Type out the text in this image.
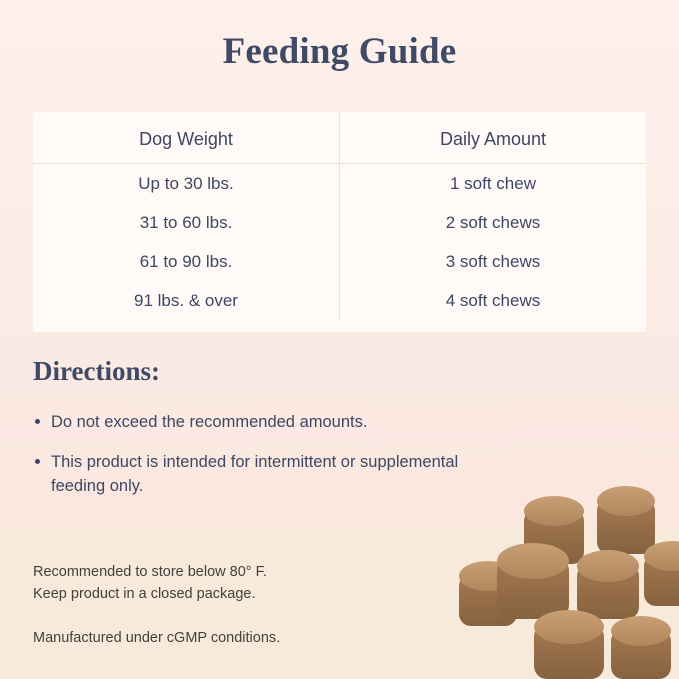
Feeding Guide
Dog Weight	Daily Amount
Up to 30 lbs.	1 soft chew
31 to 60 lbs.	2 soft chews
61 to 90 lbs.	3 soft chews
91 lbs. & over	4 soft chews
Directions:
Do not exceed the recommended amounts.
This product is intended for intermittent or supplemental feeding only.
Recommended to store below 80° F.
Keep product in a closed package.
Manufactured under cGMP conditions.
